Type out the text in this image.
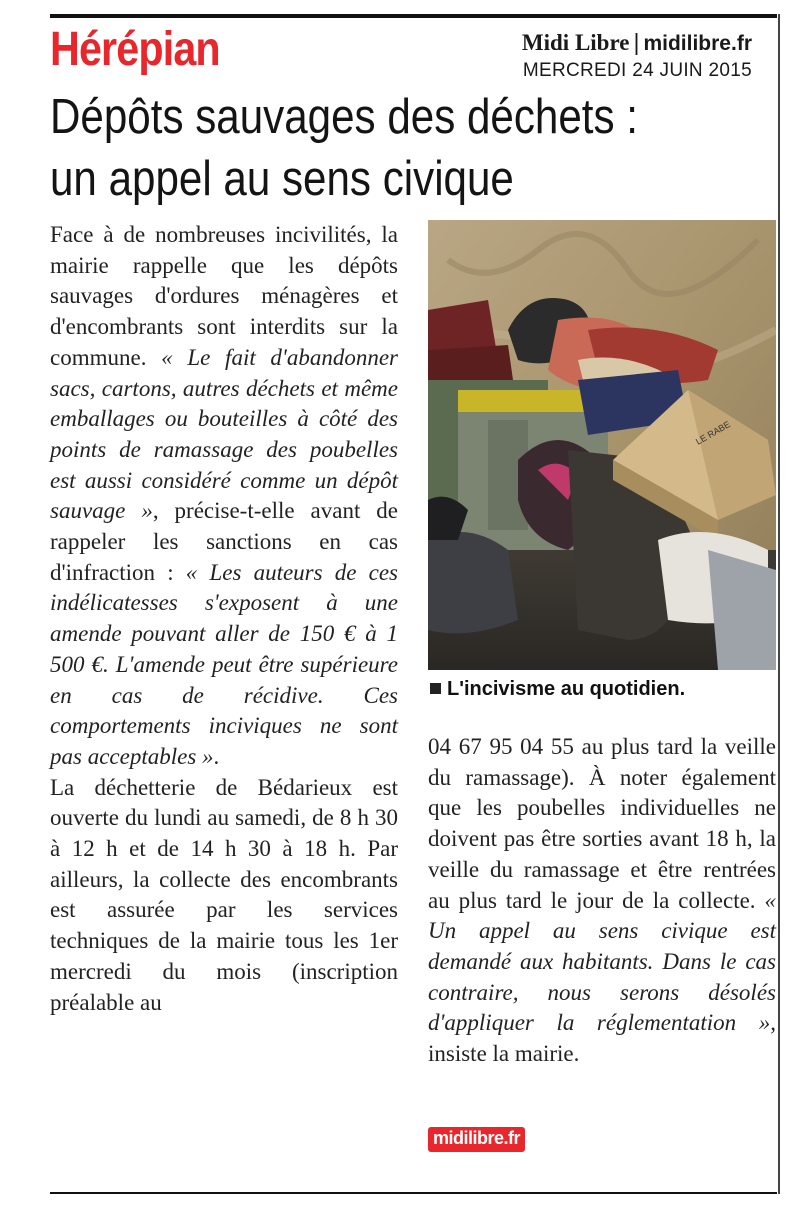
Hérépian	Midi Libre | midilibre.fr
MERCREDI 24 JUIN 2015
Dépôts sauvages des déchets :
un appel au sens civique

Face à de nombreuses incivilités, la mairie rappelle que les dépôts sauvages d'ordures ménagères et d'encombrants sont interdits sur la commune. « Le fait d'abandonner sacs, cartons, autres déchets et même emballages ou bouteilles à côté des points de ramassage des poubelles est aussi considéré comme un dépôt sauvage », précise-t-elle avant de rappeler les sanctions en cas d'infraction : « Les auteurs de ces indélicatesses s'exposent à une amende pouvant aller de 150 € à 1 500 €. L'amende peut être supérieure en cas de récidive. Ces comportements inciviques ne sont pas acceptables ».

La déchetterie de Bédarieux est ouverte du lundi au samedi, de 8 h 30 à 12 h et de 14 h 30 à 18 h. Par ailleurs, la collecte des encombrants est assurée par les services techniques de la mairie tous les 1er mercredi du mois (inscription préalable au

LE RABE
L'incivisme au quotidien.

04 67 95 04 55 au plus tard la veille du ramassage). À noter également que les poubelles individuelles ne doivent pas être sorties avant 18 h, la veille du ramassage et être rentrées au plus tard le jour de la collecte. « Un appel au sens civique est demandé aux habitants. Dans le cas contraire, nous serons désolés d'appliquer la réglementation », insiste la mairie.

midilibre.fr
